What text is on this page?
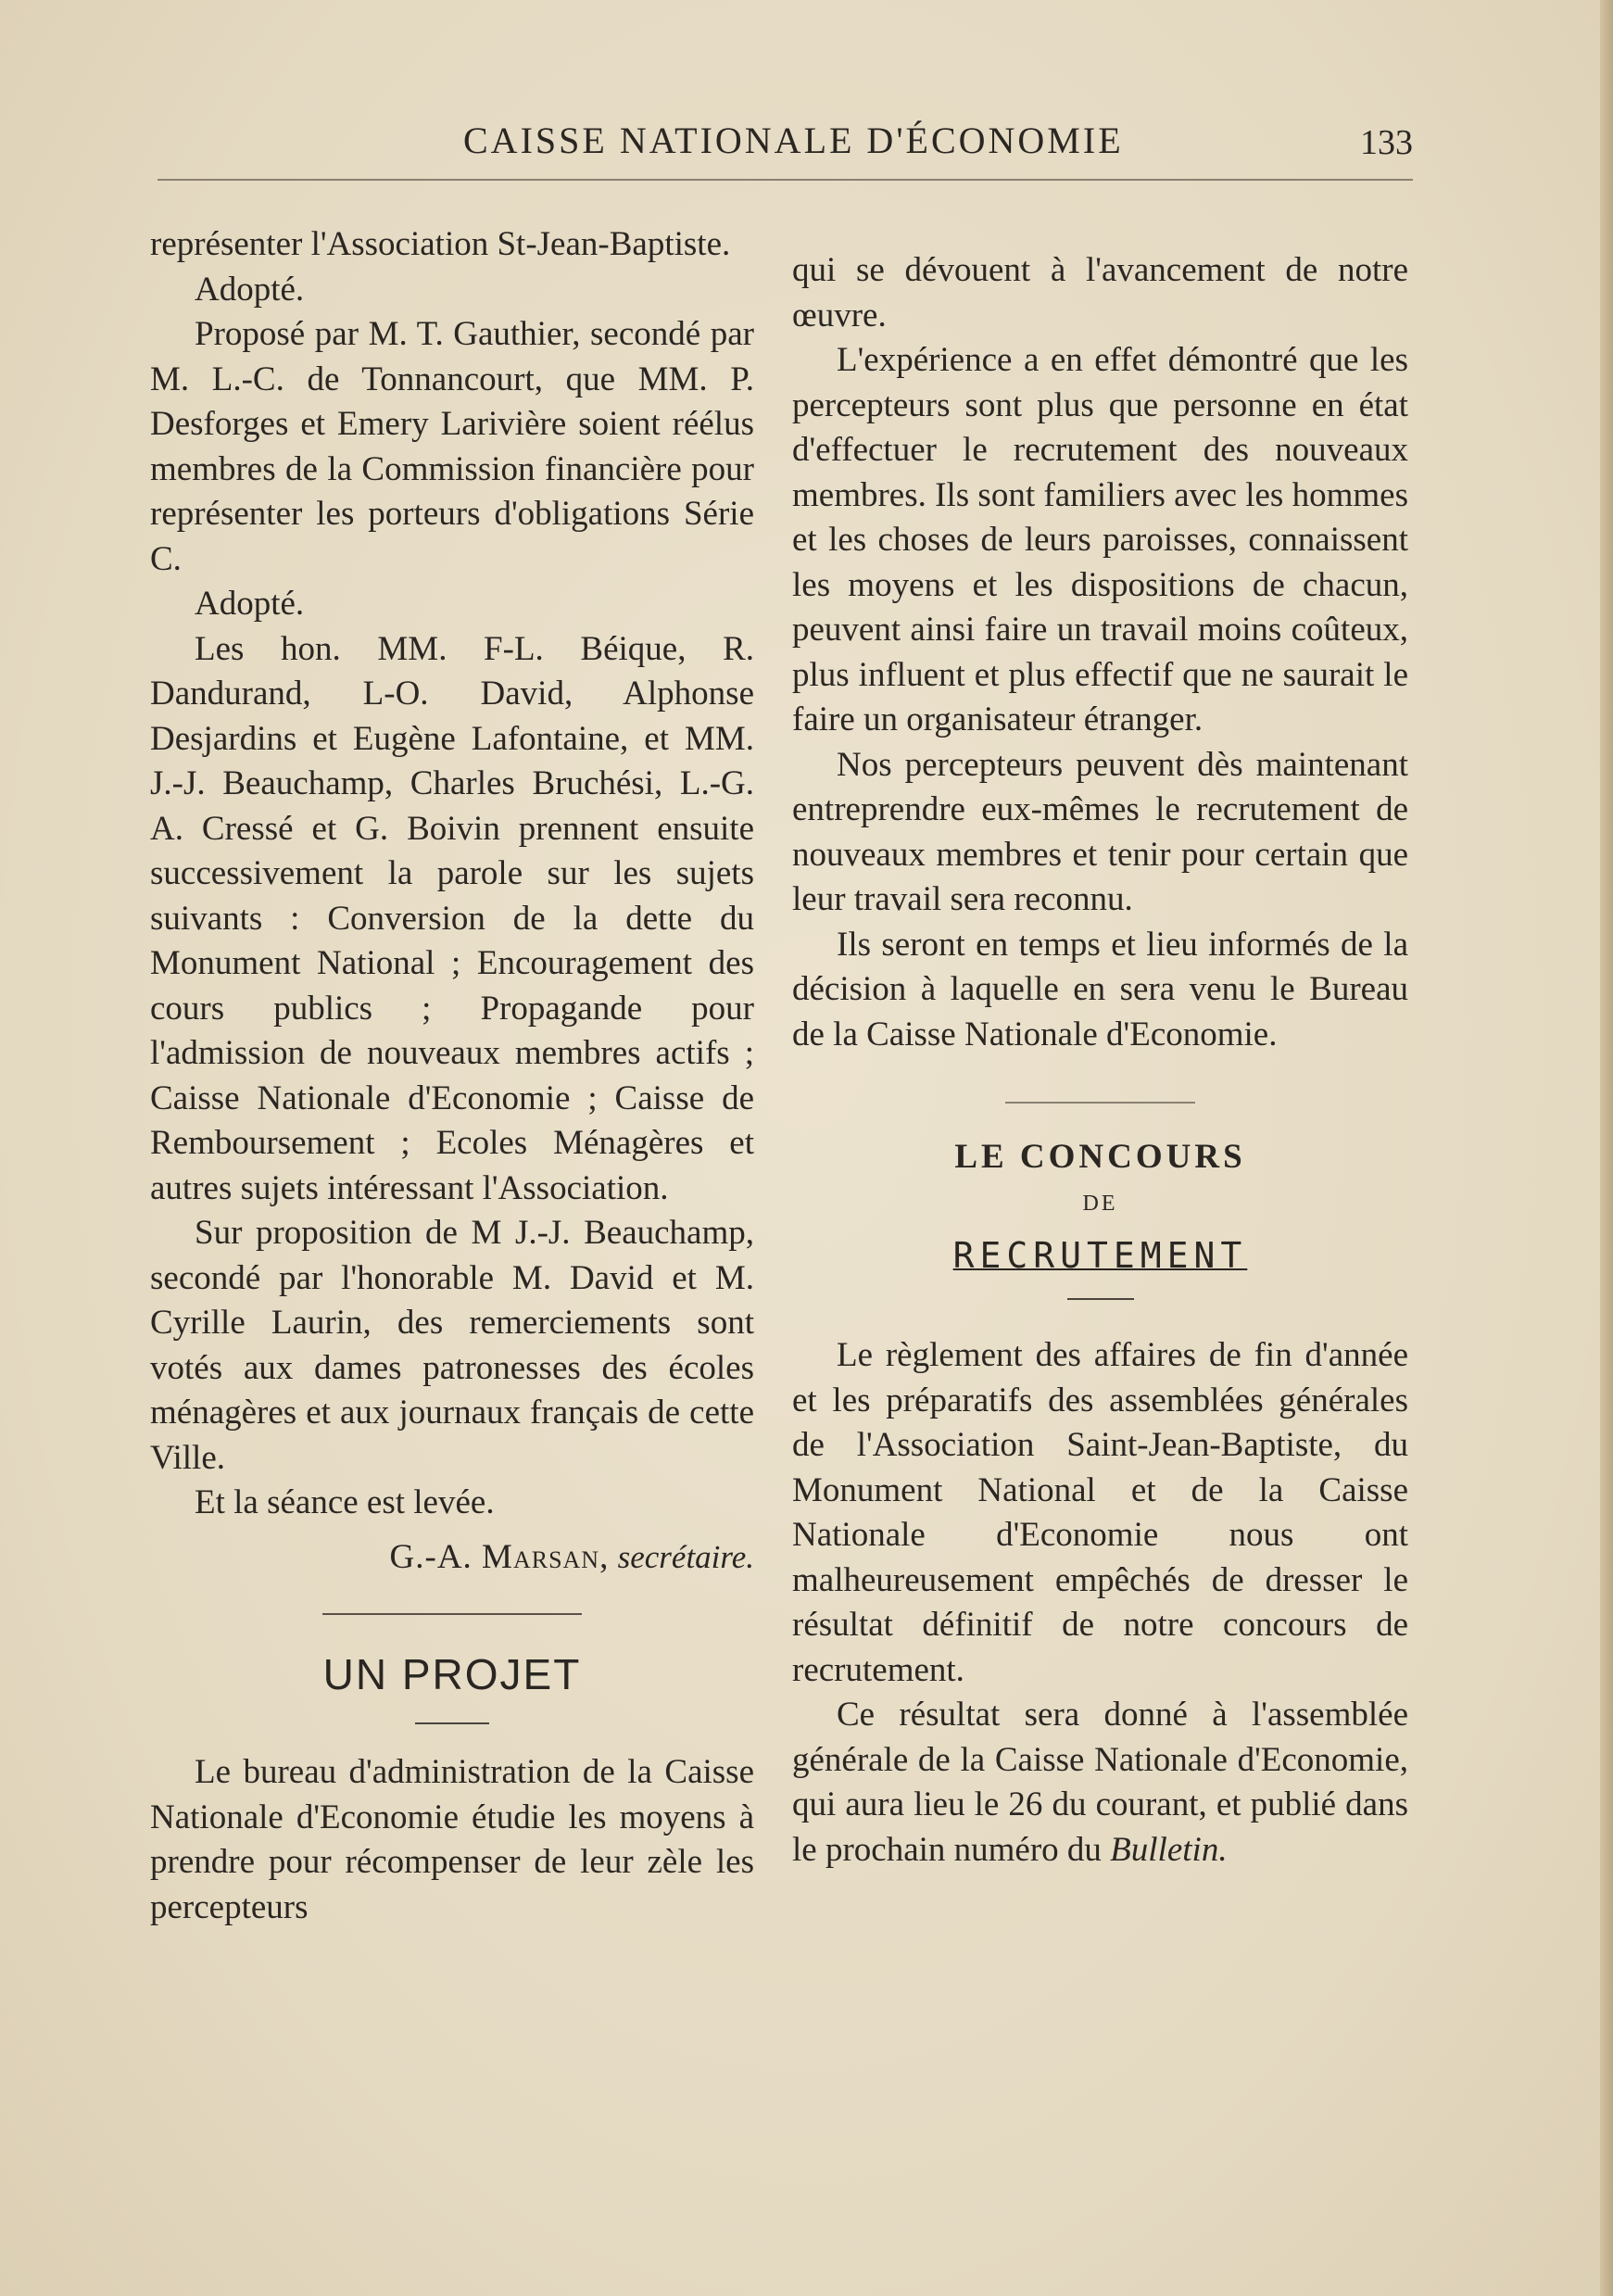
CAISSE NATIONALE D'ÉCONOMIE	133

représenter l'Association St-Jean-Baptiste.

Adopté.

Proposé par M. T. Gauthier, secondé par M. L.-C. de Tonnancourt, que MM. P. Desforges et Emery Larivière soient réélus membres de la Commission financière pour représenter les porteurs d'obligations Série C.

Adopté.

Les hon. MM. F-L. Béique, R. Dandurand, L-O. David, Alphonse Desjardins et Eugène Lafontaine, et MM. J.-J. Beauchamp, Charles Bruchési, L.-G. A. Cressé et G. Boivin prennent ensuite successivement la parole sur les sujets suivants : Conversion de la dette du Monument National ; Encouragement des cours publics ; Propagande pour l'admission de nouveaux membres actifs ; Caisse Nationale d'Economie ; Caisse de Remboursement ; Ecoles Ménagères et autres sujets intéressant l'Association.

Sur proposition de M J.-J. Beauchamp, secondé par l'honorable M. David et M. Cyrille Laurin, des remerciements sont votés aux dames patronesses des écoles ménagères et aux journaux français de cette Ville.

Et la séance est levée.

G.-A. Marsan, secrétaire.

UN PROJET

Le bureau d'administration de la Caisse Nationale d'Economie étudie les moyens à prendre pour récompenser de leur zèle les percepteurs

qui se dévouent à l'avancement de notre œuvre.

L'expérience a en effet démontré que les percepteurs sont plus que personne en état d'effectuer le recrutement des nouveaux membres. Ils sont familiers avec les hommes et les choses de leurs paroisses, connaissent les moyens et les dispositions de chacun, peuvent ainsi faire un travail moins coûteux, plus influent et plus effectif que ne saurait le faire un organisateur étranger.

Nos percepteurs peuvent dès maintenant entreprendre eux-mêmes le recrutement de nouveaux membres et tenir pour certain que leur travail sera reconnu.

Ils seront en temps et lieu informés de la décision à laquelle en sera venu le Bureau de la Caisse Nationale d'Economie.

LE CONCOURS
DE
RECRUTEMENT

Le règlement des affaires de fin d'année et les préparatifs des assemblées générales de l'Association Saint-Jean-Baptiste, du Monument National et de la Caisse Nationale d'Economie nous ont malheureusement empêchés de dresser le résultat définitif de notre concours de recrutement.

Ce résultat sera donné à l'assemblée générale de la Caisse Nationale d'Economie, qui aura lieu le 26 du courant, et publié dans le prochain numéro du Bulletin.
